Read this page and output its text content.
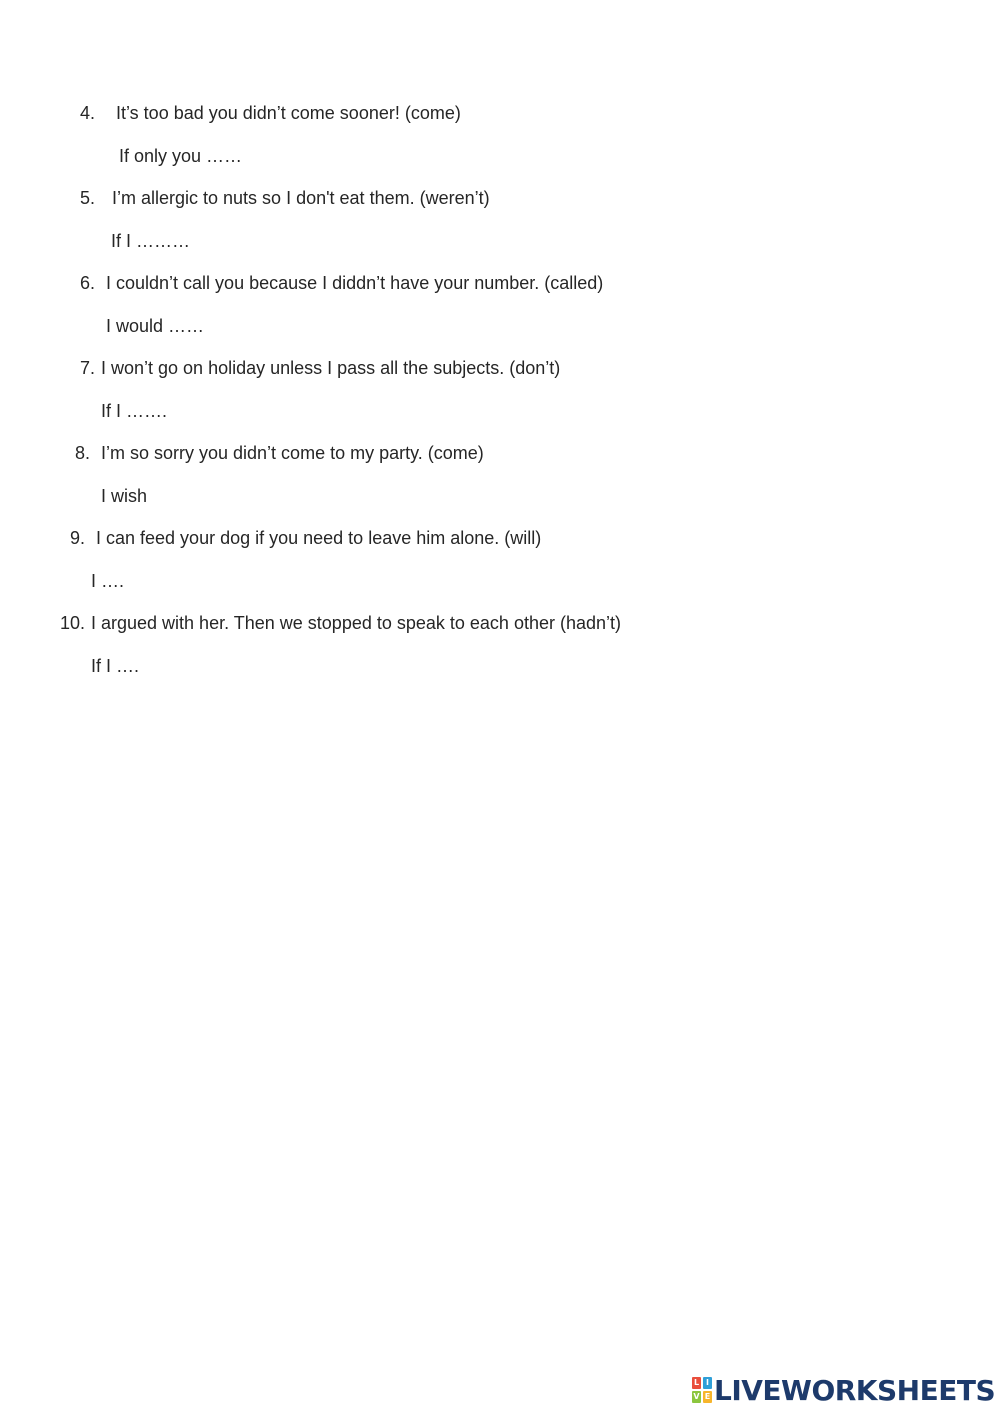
4. It’s too bad you didn’t come sooner! (come)
If only you ……
5. I’m allergic to nuts so I don't eat them. (weren’t)
If I ………
6. I couldn’t call you because I diddn’t have your number. (called)
I would ……
7. I won’t go on holiday unless I pass all the subjects. (don’t)
If I …….
8. I’m so sorry you didn’t come to my party. (come)
I wish
9. I can feed your dog if you need to leave him alone. (will)
I ….
10. I argued with her. Then we stopped to speak to each other (hadn’t)
If I ….
L I
V E LIVEWORKSHEETS
